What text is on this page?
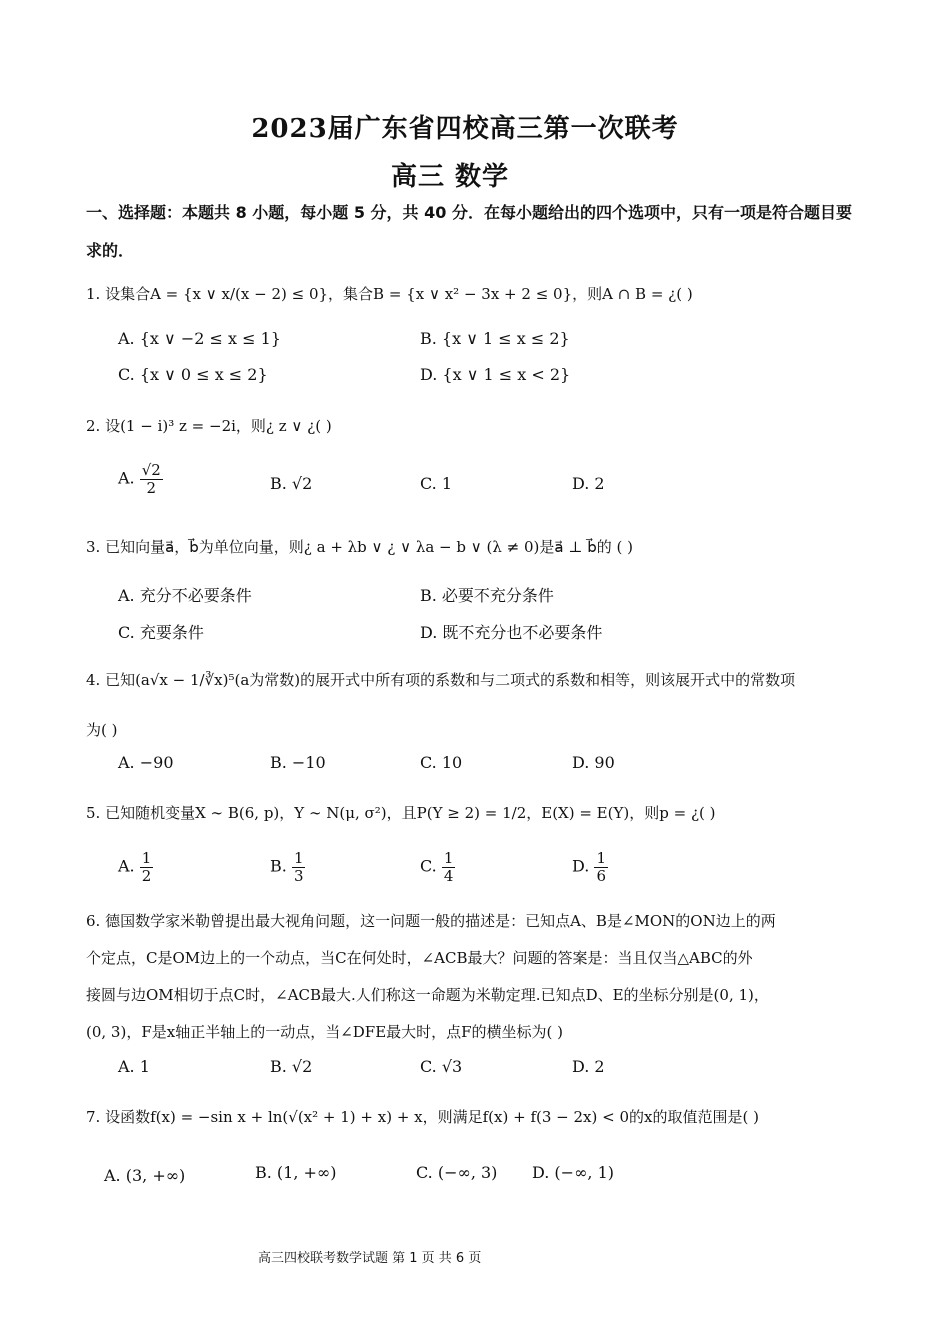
2023届广东省四校高三第一次联考
高三 数学
一、选择题：本题共 8 小题，每小题 5 分，共 40 分．在每小题给出的四个选项中，只有一项是符合题目要
求的．
1. 设集合A = {x ∨ x/(x − 2) ≤ 0}，集合B = {x ∨ x² − 3x + 2 ≤ 0}，则A ∩ B = ¿( )
A. {x ∨ −2 ≤ x ≤ 1}	B. {x ∨ 1 ≤ x ≤ 2}
C. {x ∨ 0 ≤ x ≤ 2}	D. {x ∨ 1 ≤ x < 2}
2. 设(1 − i)³ z = −2i，则¿ z ∨ ¿( )
A. $\frac{√2}{2}$	B. √2	C. 1	D. 2
3. 已知向量a⃗，b⃗为单位向量，则¿ a + λb ∨ ¿ ∨ λa − b ∨ (λ ≠ 0)是a⃗ ⊥ b⃗的 ( )
A. 充分不必要条件	B. 必要不充分条件
C. 充要条件	D. 既不充分也不必要条件
4. 已知(a√x − 1/∛x)⁵(a为常数)的展开式中所有项的系数和与二项式的系数和相等，则该展开式中的常数项
为( )
A. −90	B. −10	C. 10	D. 90
5. 已知随机变量X ∼ B(6, p)，Y ∼ N(μ, σ²)，且P(Y ≥ 2) = 1/2，E(X) = E(Y)，则p = ¿( )
A. $\frac{1}{2}$	B. $\frac{1}{3}$	C. $\frac{1}{4}$	D. $\frac{1}{6}$
6. 德国数学家米勒曾提出最大视角问题，这一问题一般的描述是：已知点A、B是∠MON的ON边上的两
个定点，C是OM边上的一个动点，当C在何处时，∠ACB最大？问题的答案是：当且仅当△ABC的外
接圆与边OM相切于点C时，∠ACB最大.人们称这一命题为米勒定理.已知点D、E的坐标分别是(0, 1)，
(0, 3)，F是x轴正半轴上的一动点，当∠DFE最大时，点F的横坐标为( )
A. 1	B. √2	C. √3	D. 2
7. 设函数f(x) = −sin x + ln(√(x² + 1) + x) + x，则满足f(x) + f(3 − 2x) < 0的x的取值范围是( )
A. (3, +∞)	B. (1, +∞)	C. (−∞, 3) D. (−∞, 1)
高三四校联考数学试题 第 1 页 共 6 页
